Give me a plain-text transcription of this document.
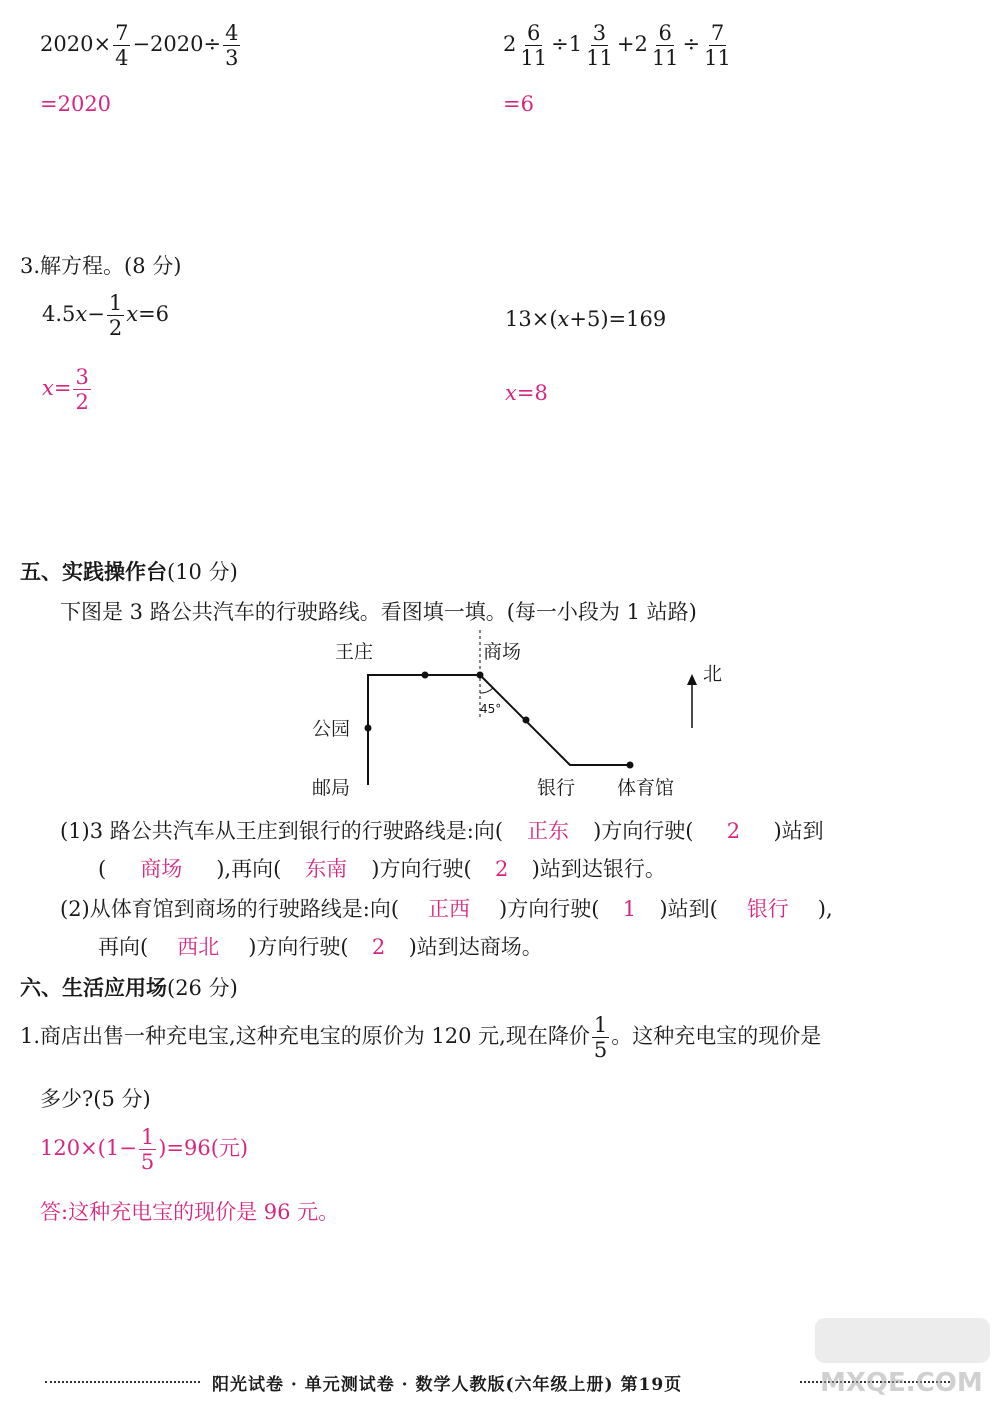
$2020\times \frac{7}{4} -2020\div \frac{4}{3}$
=2020
$2 \frac{6}{11} \div 1 \frac{3}{11} +2 \frac{6}{11} \div \frac{7}{11}$
=6
3.解方程。(8 分)
$4.5x- \frac{1}{2} x=6$
$x= \frac{3}{2}$
13×(x+5)=169
x=8
五、实践操作台(10 分)
下图是 3 路公共汽车的行驶路线。看图填一填。(每一小段为 1 站路)
王庄	商场
公园
邮局	银行 体育馆
45°
北
(1)3 路公共汽车从王庄到银行的行驶路线是:向( 正东 )方向行驶( 2 )站到
( 商场 ),再向( 东南 )方向行驶( 2 )站到达银行。
(2)从体育馆到商场的行驶路线是:向( 正西 )方向行驶( 1 )站到( 银行 ),
再向( 西北 )方向行驶( 2 )站到达商场。
六、生活应用场(26 分)
1.商店出售一种充电宝,这种充电宝的原价为 120 元,现在降价 $\frac{1}{5}$ 。这种充电宝的现价是
多少?(5 分)
$120\times(1- \frac{1}{5} )=96$(元)
答:这种充电宝的现价是 96 元。
阳光试卷 · 单元测试卷 · 数学人教版(六年级上册) 第19页	MXQE.COM
